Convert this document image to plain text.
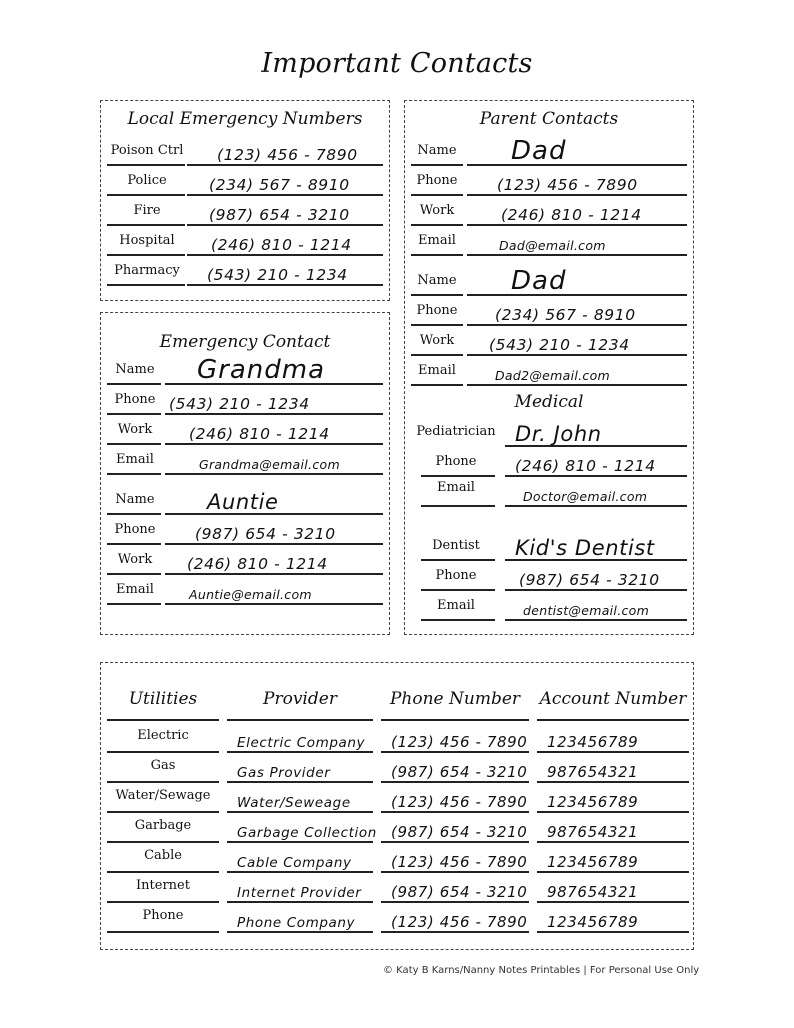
Important Contacts
Local Emergency Numbers
Poison Ctrl (123) 456 - 7890
Police	(234) 567 - 8910
Fire	(987) 654 - 3210
Hospital	(246) 810 - 1214
Pharmacy	(543) 210 - 1234
Emergency Contact
Name	Grandma
Phone (543) 210 - 1234
Work	(246) 810 - 1214
Email	Grandma@email.com
Name	Auntie
Phone	(987) 654 - 3210
Work	(246) 810 - 1214
Email	Auntie@email.com
Parent Contacts
Name Dad
Phone	(123) 456 - 7890
Work	(246) 810 - 1214
Email	Dad@email.com
Name Dad
Phone	(234) 567 - 8910
Work	(543) 210 - 1234
Email	Dad2@email.com
Medical
Pediatrician Dr. John
Phone	(246) 810 - 1214
Email
Doctor@email.com
Dentist	Kid's Dentist
Phone	(987) 654 - 3210
Email	dentist@email.com
Utilities	Provider	Phone Number	Account Number
Electric	Electric Company (123) 456 - 7890 123456789
Gas	Gas Provider	(987) 654 - 3210 987654321
Water/Sewage	Water/Seweage	(123) 456 - 7890 123456789
Garbage	Garbage Collection (987) 654 - 3210 987654321
Cable	Cable Company	(123) 456 - 7890 123456789
Internet	Internet Provider (987) 654 - 3210 987654321
Phone	Phone Company (123) 456 - 7890 123456789
© Katy B Karns/Nanny Notes Printables | For Personal Use Only
